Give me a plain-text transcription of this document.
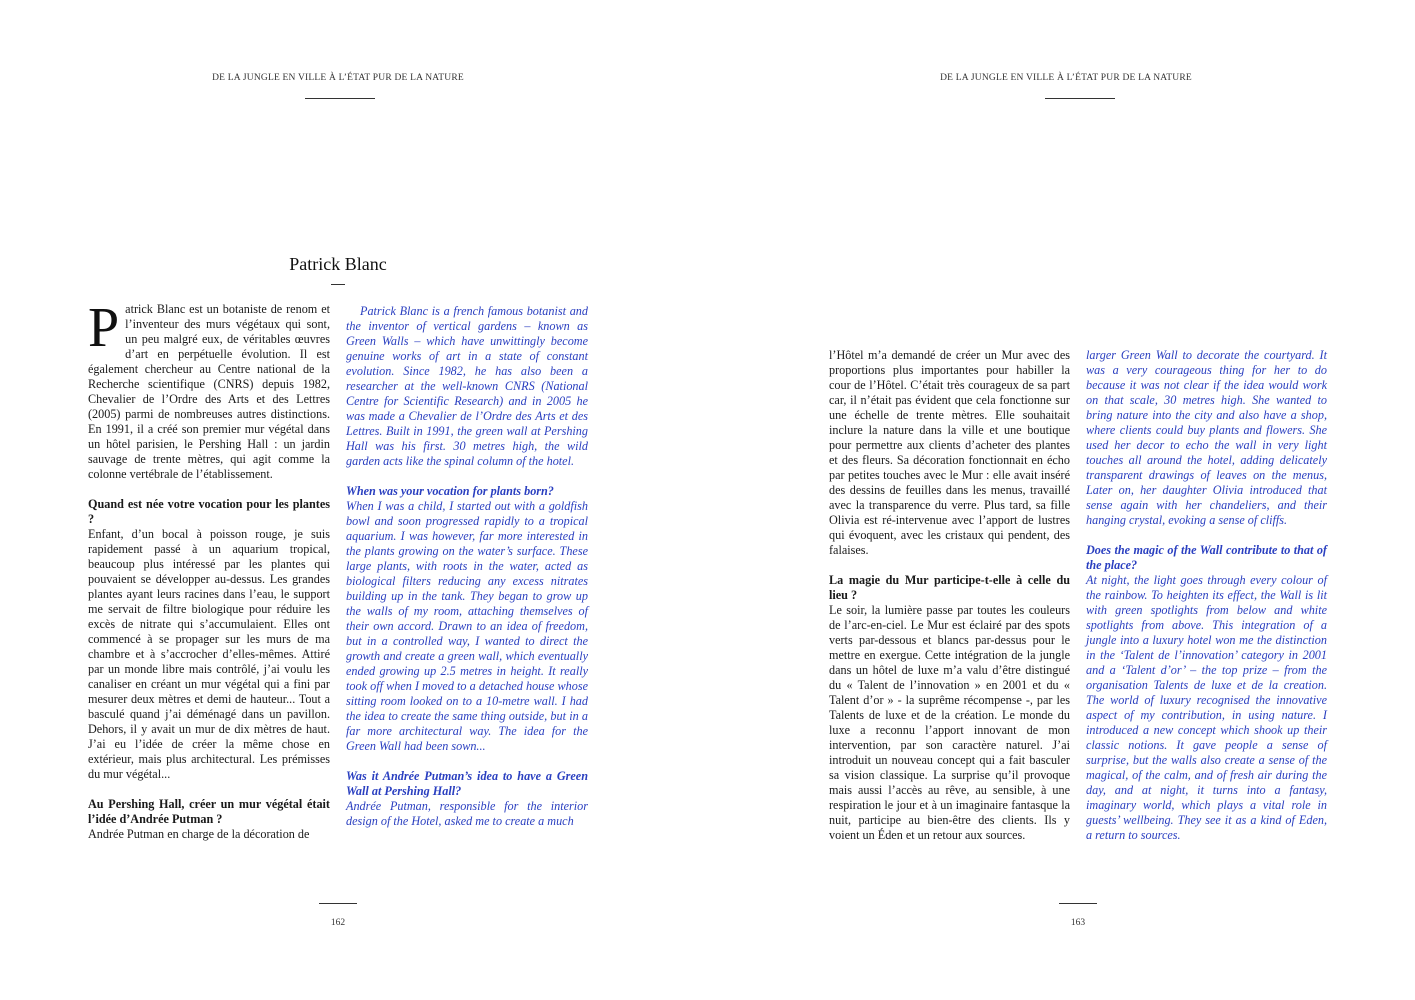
DE LA JUNGLE EN VILLE À L’ÉTAT PUR DE LA NATURE
Patrick Blanc

Patrick Blanc est un botaniste de renom et l’inventeur des murs végétaux qui sont, un peu malgré eux, de véritables œuvres d’art en perpétuelle évolution. Il est également chercheur au Centre national de la Recherche scientifique (CNRS) depuis 1982, Chevalier de l’Ordre des Arts et des Lettres (2005) parmi de nombreuses autres distinctions. En 1991, il a créé son premier mur végétal dans un hôtel parisien, le Pershing Hall : un jardin sauvage de trente mètres, qui agit comme la colonne vertébrale de l’établissement.

Quand est née votre vocation pour les plantes ?

Enfant, d’un bocal à poisson rouge, je suis rapidement passé à un aquarium tropical, beaucoup plus intéressé par les plantes qui pouvaient se développer au-dessus. Les grandes plantes ayant leurs racines dans l’eau, le support me servait de filtre biologique pour réduire les excès de nitrate qui s’accumulaient. Elles ont commencé à se propager sur les murs de ma chambre et à s’accrocher d’elles-mêmes. Attiré par un monde libre mais contrôlé, j’ai voulu les canaliser en créant un mur végétal qui a fini par mesurer deux mètres et demi de hauteur... Tout a basculé quand j’ai déménagé dans un pavillon. Dehors, il y avait un mur de dix mètres de haut. J’ai eu l’idée de créer la même chose en extérieur, mais plus architectural. Les prémisses du mur végétal...

Au Pershing Hall, créer un mur végétal était l’idée d’Andrée Putman ?

Andrée Putman en charge de la décoration de

Patrick Blanc is a french famous botanist and the inventor of vertical gardens – known as Green Walls – which have unwittingly become genuine works of art in a state of constant evolution. Since 1982, he has also been a researcher at the well-known CNRS (National Centre for Scientific Research) and in 2005 he was made a Chevalier de l’Ordre des Arts et des Lettres. Built in 1991, the green wall at Pershing Hall was his first. 30 metres high, the wild garden acts like the spinal column of the hotel.

When was your vocation for plants born?

When I was a child, I started out with a goldfish bowl and soon progressed rapidly to a tropical aquarium. I was however, far more interested in the plants growing on the water’s surface. These large plants, with roots in the water, acted as biological filters reducing any excess nitrates building up in the tank. They began to grow up the walls of my room, attaching themselves of their own accord. Drawn to an idea of freedom, but in a controlled way, I wanted to direct the growth and create a green wall, which eventually ended growing up 2.5 metres in height. It really took off when I moved to a detached house whose sitting room looked on to a 10-metre wall. I had the idea to create the same thing outside, but in a far more architectural way. The idea for the Green Wall had been sown...

Was it Andrée Putman’s idea to have a Green Wall at Pershing Hall?

Andrée Putman, responsible for the interior design of the Hotel, asked me to create a much

162
DE LA JUNGLE EN VILLE À L’ÉTAT PUR DE LA NATURE

l’Hôtel m’a demandé de créer un Mur avec des proportions plus importantes pour habiller la cour de l’Hôtel. C’était très courageux de sa part car, il n’était pas évident que cela fonctionne sur une échelle de trente mètres. Elle souhaitait inclure la nature dans la ville et une boutique pour permettre aux clients d’acheter des plantes et des fleurs. Sa décoration fonctionnait en écho par petites touches avec le Mur : elle avait inséré des dessins de feuilles dans les menus, travaillé avec la transparence du verre. Plus tard, sa fille Olivia est ré-intervenue avec l’apport de lustres qui évoquent, avec les cristaux qui pendent, des falaises.

La magie du Mur participe-t-elle à celle du lieu ?

Le soir, la lumière passe par toutes les couleurs de l’arc-en-ciel. Le Mur est éclairé par des spots verts par-dessous et blancs par-dessus pour le mettre en exergue. Cette intégration de la jungle dans un hôtel de luxe m’a valu d’être distingué du « Talent de l’innovation » en 2001 et du « Talent d’or » - la suprême récompense -, par les Talents de luxe et de la création. Le monde du luxe a reconnu l’apport innovant de mon intervention, par son caractère naturel. J’ai introduit un nouveau concept qui a fait basculer sa vision classique. La surprise qu’il provoque mais aussi l’accès au rêve, au sensible, à une respiration le jour et à un imaginaire fantasque la nuit, participe au bien-être des clients. Ils y voient un Éden et un retour aux sources.

larger Green Wall to decorate the courtyard. It was a very courageous thing for her to do because it was not clear if the idea would work on that scale, 30 metres high. She wanted to bring nature into the city and also have a shop, where clients could buy plants and flowers. She used her decor to echo the wall in very light touches all around the hotel, adding delicately transparent drawings of leaves on the menus, Later on, her daughter Olivia introduced that sense again with her chandeliers, and their hanging crystal, evoking a sense of cliffs.

Does the magic of the Wall contribute to that of the place?

At night, the light goes through every colour of the rainbow. To heighten its effect, the Wall is lit with green spotlights from below and white spotlights from above. This integration of a jungle into a luxury hotel won me the distinction in the ‘Talent de l’innovation’ category in 2001 and a ‘Talent d’or’ – the top prize – from the organisation Talents de luxe et de la creation. The world of luxury recognised the innovative aspect of my contribution, in using nature. I introduced a new concept which shook up their classic notions. It gave people a sense of surprise, but the walls also create a sense of the magical, of the calm, and of fresh air during the day, and at night, it turns into a fantasy, imaginary world, which plays a vital role in guests’ wellbeing. They see it as a kind of Eden, a return to sources.

163
